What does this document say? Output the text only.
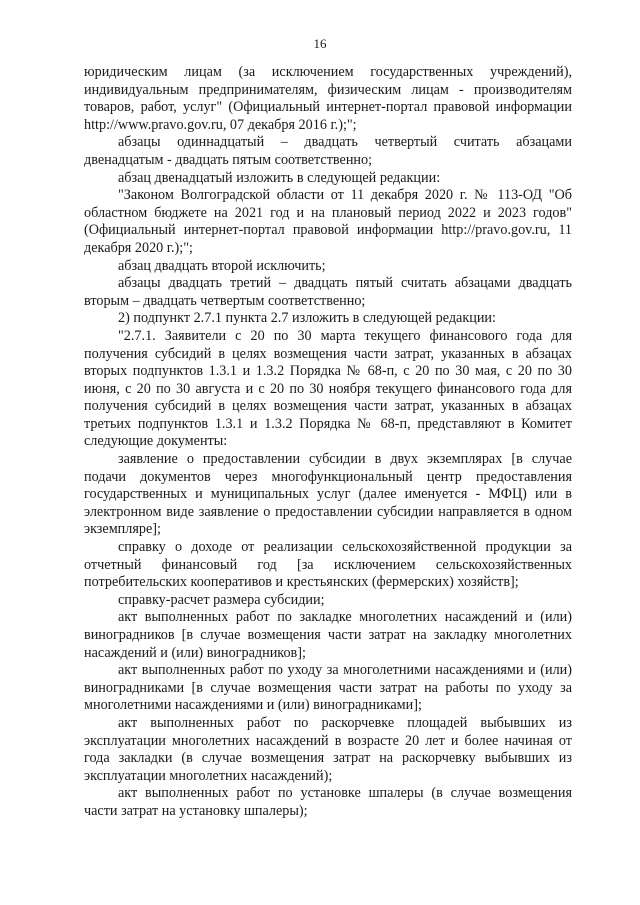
16

юридическим лицам (за исключением государственных учреждений), индивидуальным предпринимателям, физическим лицам - производителям товаров, работ, услуг" (Официальный интернет-портал правовой информации http://www.pravo.gov.ru, 07 декабря 2016 г.);";

абзацы одиннадцатый – двадцать четвертый считать абзацами двенадцатым - двадцать пятым соответственно;

абзац двенадцатый изложить в следующей редакции:

"Законом Волгоградской области от 11 декабря 2020 г. № 113-ОД "Об областном бюджете на 2021 год и на плановый период 2022 и 2023 годов" (Официальный интернет-портал правовой информации http://pravo.gov.ru, 11 декабря 2020 г.);";

абзац двадцать второй исключить;

абзацы двадцать третий – двадцать пятый считать абзацами двадцать вторым – двадцать четвертым соответственно;

2) подпункт 2.7.1 пункта 2.7 изложить в следующей редакции:

"2.7.1. Заявители с 20 по 30 марта текущего финансового года для получения субсидий в целях возмещения части затрат, указанных в абзацах вторых подпунктов 1.3.1 и 1.3.2 Порядка № 68-п, с 20 по 30 мая, с 20 по 30 июня, с 20 по 30 августа и с 20 по 30 ноября текущего финансового года для получения субсидий в целях возмещения части затрат, указанных в абзацах третьих подпунктов 1.3.1 и 1.3.2 Порядка № 68-п, представляют в Комитет следующие документы:

заявление о предоставлении субсидии в двух экземплярах [в случае подачи документов через многофункциональный центр предоставления государственных и муниципальных услуг (далее именуется - МФЦ) или в электронном виде заявление о предоставлении субсидии направляется в одном экземпляре];

справку о доходе от реализации сельскохозяйственной продукции за отчетный финансовый год [за исключением сельскохозяйственных потребительских кооперативов и крестьянских (фермерских) хозяйств];

справку-расчет размера субсидии;

акт выполненных работ по закладке многолетних насаждений и (или) виноградников [в случае возмещения части затрат на закладку многолетних насаждений и (или) виноградников];

акт выполненных работ по уходу за многолетними насаждениями и (или) виноградниками [в случае возмещения части затрат на работы по уходу за многолетними насаждениями и (или) виноградниками];

акт выполненных работ по раскорчевке площадей выбывших из эксплуатации многолетних насаждений в возрасте 20 лет и более начиная от года закладки (в случае возмещения затрат на раскорчевку выбывших из эксплуатации многолетних насаждений);

акт выполненных работ по установке шпалеры (в случае возмещения части затрат на установку шпалеры);
